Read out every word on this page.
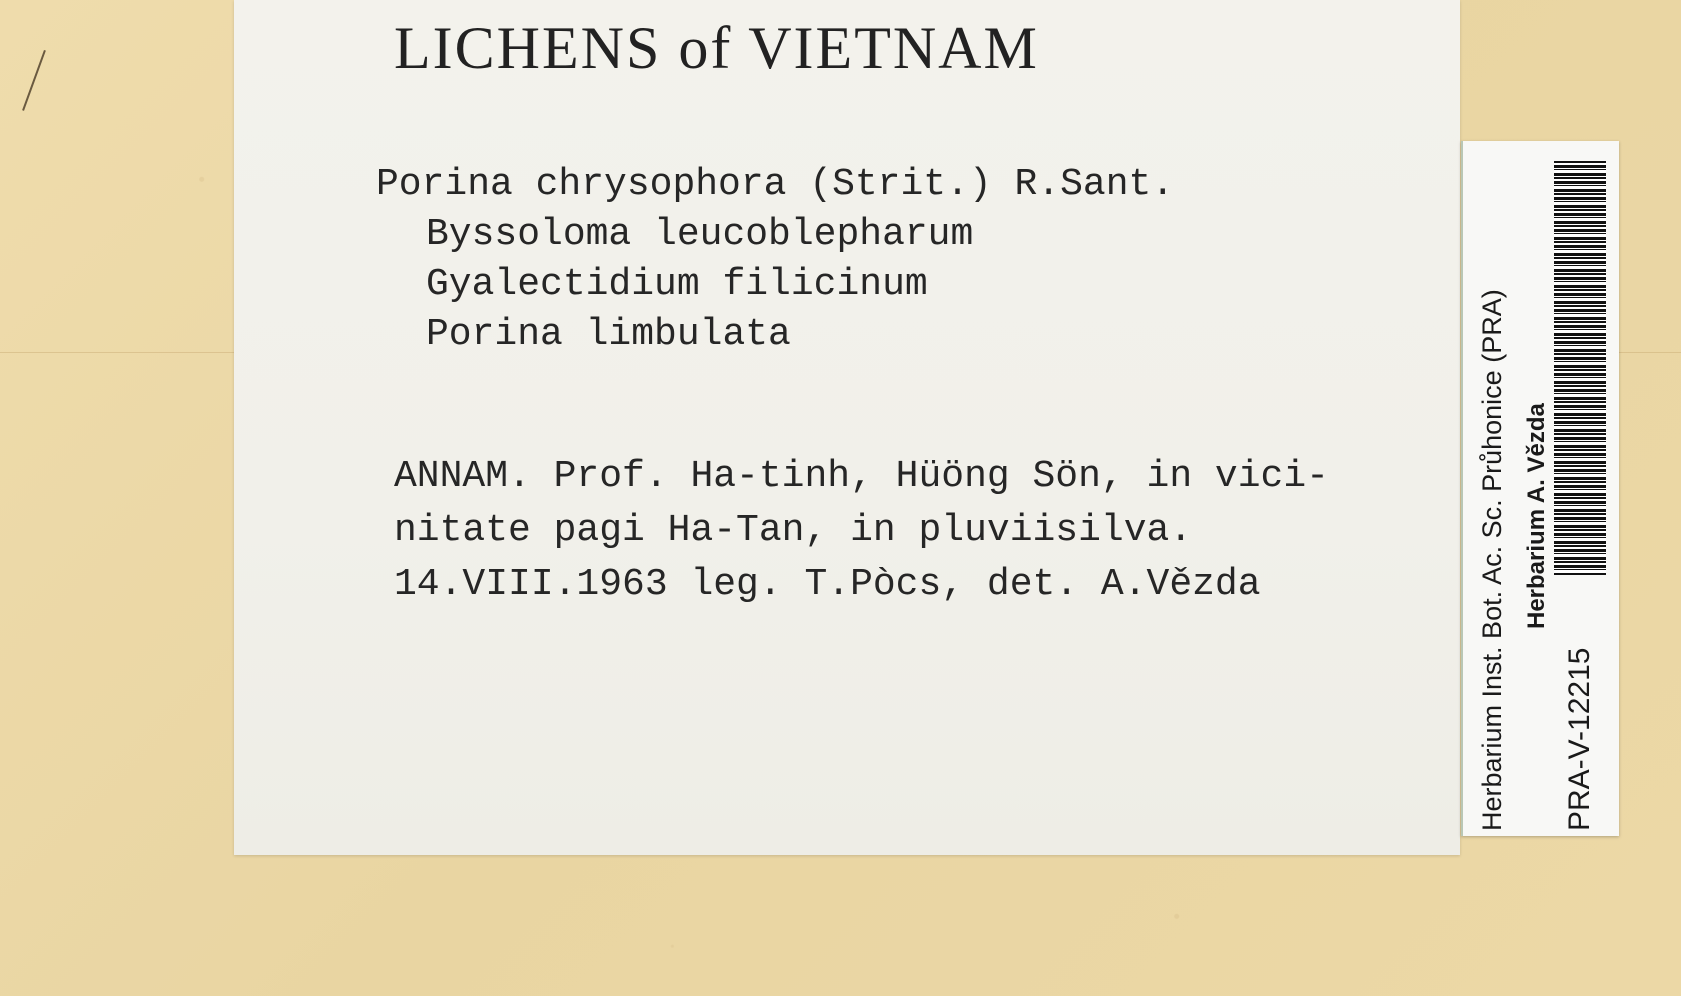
LICHENS of VIETNAM
Porina chrysophora (Strit.) R.Sant.
Byssoloma leucoblepharum
Gyalectidium filicinum
Porina limbulata

ANNAM. Prof. Ha-tinh, Hüöng Sön, in vici-
nitate pagi Ha-Tan, in pluviisilva.
14.VIII.1963 leg. T.Pòcs, det. A.Vězda	Herbarium Inst. Bot. Ac. Sc. Průhonice (PRA) Herbarium A. Vězda
PRA-V-12215
